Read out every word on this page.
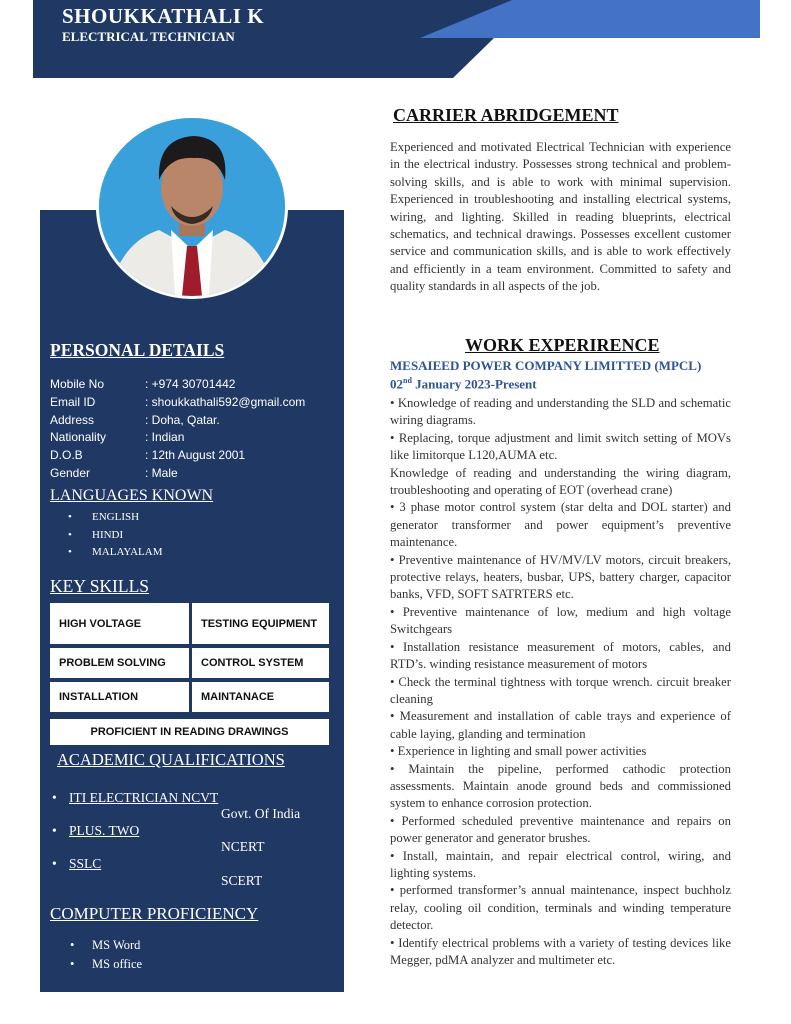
SHOUKKATHALI K
ELECTRICAL TECHNICIAN
PERSONAL DETAILS
Mobile No	: +974 30701442
Email ID	: shoukkathali592@gmail.com
Address	: Doha, Qatar.
Nationality	: Indian
D.O.B	: 12th August 2001
Gender	: Male
LANGUAGES KNOWN
• ENGLISH
• HINDI
• MALAYALAM
KEY SKILLS
HIGH VOLTAGE	TESTING EQUIPMENT
PROBLEM SOLVING	CONTROL SYSTEM
INSTALLATION	MAINTANACE
PROFICIENT IN READING DRAWINGS
ACADEMIC QUALIFICATIONS
• ITI ELECTRICIAN NCVT
Govt. Of India
• PLUS. TWO
NCERT
• SSLC
SCERT
COMPUTER PROFICIENCY
• MS Word
• MS office
CARRIER ABRIDGEMENT
Experienced and motivated Electrical Technician with experience in the electrical industry. Possesses strong technical and problem-solving skills, and is able to work with minimal supervision. Experienced in troubleshooting and installing electrical systems, wiring, and lighting. Skilled in reading blueprints, electrical schematics, and technical drawings. Possesses excellent customer service and communication skills, and is able to work effectively and efficiently in a team environment. Committed to safety and quality standards in all aspects of the job.
WORK EXPERIRENCE
MESAIEED POWER COMPANY LIMITTED (MPCL)
02nd January 2023-Present

• Knowledge of reading and understanding the SLD and schematic wiring diagrams.

• Replacing, torque adjustment and limit switch setting of MOVs like limitorque L120,AUMA etc.

Knowledge of reading and understanding the wiring diagram, troubleshooting and operating of EOT (overhead crane)

• 3 phase motor control system (star delta and DOL starter) and generator transformer and power equipment’s preventive maintenance.

• Preventive maintenance of HV/MV/LV motors, circuit breakers, protective relays, heaters, busbar, UPS, battery charger, capacitor banks, VFD, SOFT SATRTERS etc.

• Preventive maintenance of low, medium and high voltage Switchgears

• Installation resistance measurement of motors, cables, and RTD’s. winding resistance measurement of motors

• Check the terminal tightness with torque wrench. circuit breaker cleaning

• Measurement and installation of cable trays and experience of cable laying, glanding and termination

• Experience in lighting and small power activities

• Maintain the pipeline, performed cathodic protection assessments. Maintain anode ground beds and commissioned system to enhance corrosion protection.

• Performed scheduled preventive maintenance and repairs on power generator and generator brushes.

• Install, maintain, and repair electrical control, wiring, and lighting systems.

• performed transformer’s annual maintenance, inspect buchholz relay, cooling oil condition, terminals and winding temperature detector.

• Identify electrical problems with a variety of testing devices like Megger, pdMA analyzer and multimeter etc.
